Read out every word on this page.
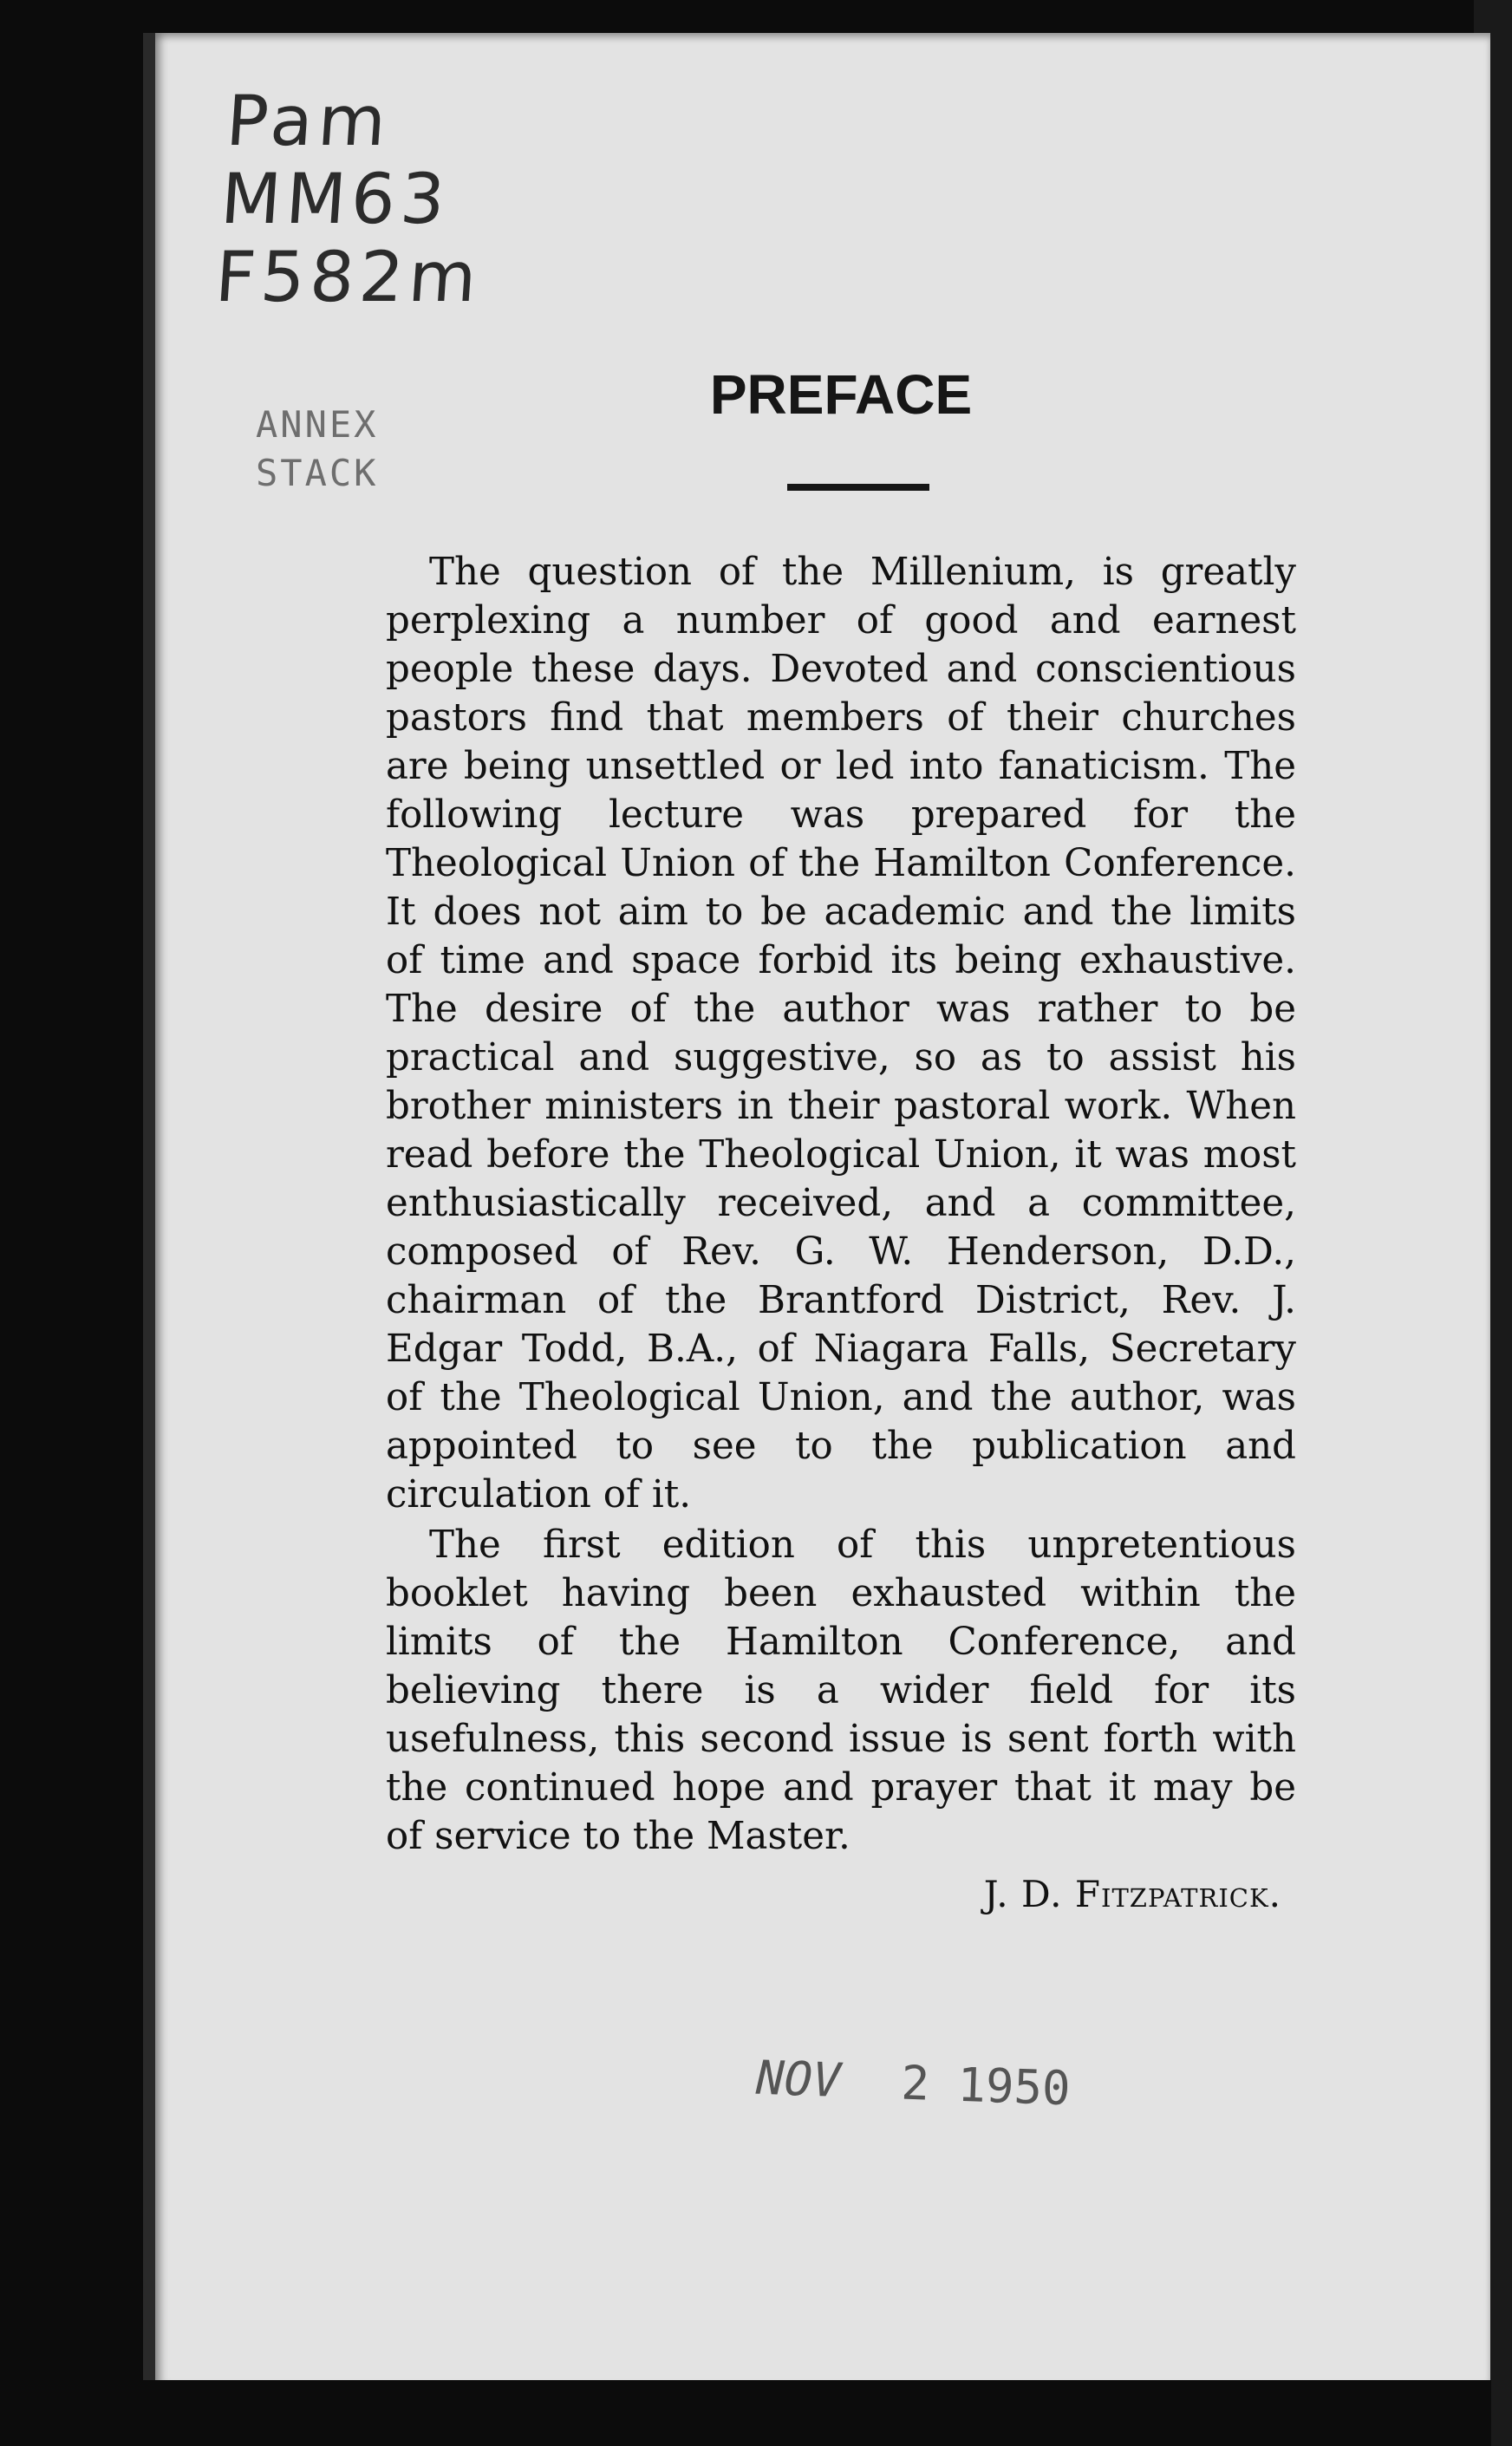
Pam
MM63
F582m
ANNEX
STACK
PREFACE

The question of the Millenium, is greatly perplexing a number of good and earnest people these days. Devoted and conscientious pastors find that members of their churches are being unsettled or led into fanaticism. The following lecture was prepared for the Theological Union of the Hamilton Conference. It does not aim to be academic and the limits of time and space forbid its being exhaustive. The desire of the author was rather to be practical and suggestive, so as to assist his brother ministers in their pastoral work. When read before the Theological Union, it was most enthusiastically received, and a committee, composed of Rev. G. W. Henderson, D.D., chairman of the Brantford District, Rev. J. Edgar Todd, B.A., of Niagara Falls, Secretary of the Theological Union, and the author, was appointed to see to the publication and circulation of it.

The first edition of this unpretentious booklet having been exhausted within the limits of the Hamilton Conference, and believing there is a wider field for its usefulness, this second issue is sent forth with the continued hope and prayer that it may be of service to the Master.

J. D. Fitzpatrick.
NOV 2 1950
